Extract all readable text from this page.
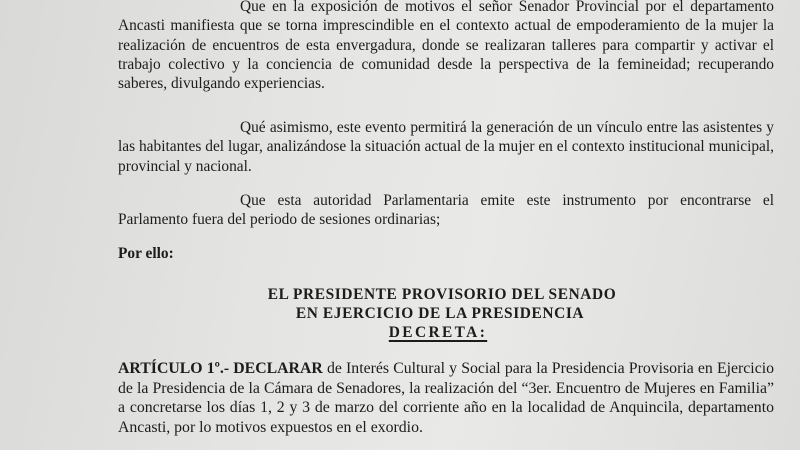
Que en la exposición de motivos el señor Senador Provincial por el departamento Ancasti manifiesta que se torna imprescindible en el contexto actual de empoderamiento de la mujer la realización de encuentros de esta envergadura, donde se realizaran talleres para compartir y activar el trabajo colectivo y la conciencia de comunidad desde la perspectiva de la femineidad; recuperando saberes, divulgando experiencias.

Qué asimismo, este evento permitirá la generación de un vínculo entre las asistentes y las habitantes del lugar, analizándose la situación actual de la mujer en el contexto institucional municipal, provincial y nacional.

Que esta autoridad Parlamentaria emite este instrumento por encontrarse el Parlamento fuera del periodo de sesiones ordinarias;

Por ello:

EL PRESIDENTE PROVISORIO DEL SENADO

EN EJERCICIO DE LA PRESIDENCIA

DECRETA:

ARTÍCULO 1º.- DECLARAR de Interés Cultural y Social para la Presidencia Provisoria en Ejercicio de la Presidencia de la Cámara de Senadores, la realización del “3er. Encuentro de Mujeres en Familia” a concretarse los días 1, 2 y 3 de marzo del corriente año en la localidad de Anquincila, departamento Ancasti, por lo motivos expuestos en el exordio.
